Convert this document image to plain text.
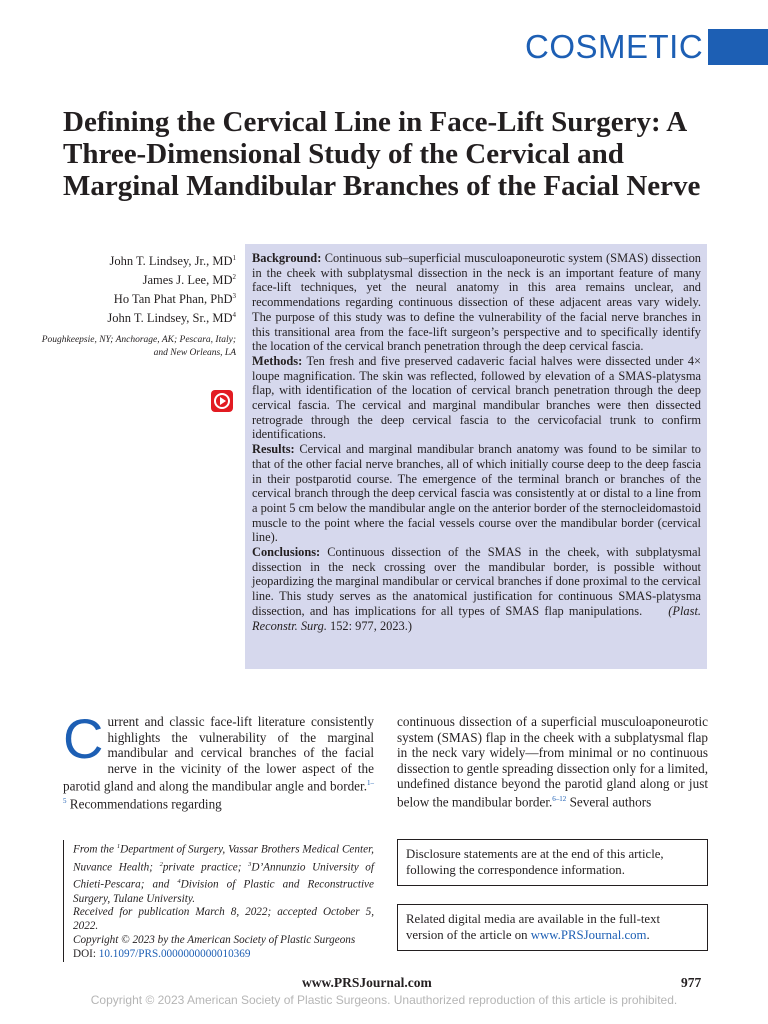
COSMETIC
Defining the Cervical Line in Face-Lift Surgery: A Three-Dimensional Study of the Cervical and Marginal Mandibular Branches of the Facial Nerve
John T. Lindsey, Jr., $MD^1$
James J. Lee, $MD^2$
Ho Tan Phat Phan, PhD$^3$
John T. Lindsey, Sr., $MD^4$
Poughkeepsie, NY; Anchorage, AK; Pescara, Italy; and New Orleans, LA
Background: Continuous sub–superficial musculoaponeurotic system (SMAS) dissection in the cheek with subplatysmal dissection in the neck is an important feature of many face-lift techniques, yet the neural anatomy in this area remains unclear, and recommendations regarding continuous dissection of these adjacent areas vary widely. The purpose of this study was to define the vulnerability of the facial nerve branches in this transitional area from the face-lift surgeon’s perspective and to specifically identify the location of the cervical branch penetration through the deep cervical fascia.
Methods: Ten fresh and five preserved cadaveric facial halves were dissected under 4× loupe magnification. The skin was reflected, followed by elevation of a SMAS-platysma flap, with identification of the location of cervical branch penetration through the deep cervical fascia. The cervical and marginal mandibular branches were then dissected retrograde through the deep cervical fascia to the cervicofacial trunk to confirm identifications.
Results: Cervical and marginal mandibular branch anatomy was found to be similar to that of the other facial nerve branches, all of which initially course deep to the deep fascia in their postparotid course. The emergence of the terminal branch or branches of the cervical branch through the deep cervical fascia was consistently at or distal to a line from a point 5 cm below the mandibular angle on the anterior border of the sternocleidomastoid muscle to the point where the facial vessels course over the mandibular border (cervical line).
Conclusions: Continuous dissection of the SMAS in the cheek, with subplatysmal dissection in the neck crossing over the mandibular border, is possible without jeopardizing the marginal mandibular or cervical branches if done proximal to the cervical line. This study serves as the anatomical justification for continuous SMAS-platysma dissection, and has implications for all types of SMAS flap manipulations. (Plast. Reconstr. Surg. 152: 977, 2023.)
Current and classic face-lift literature consistently highlights the vulnerability of the marginal mandibular and cervical branches of the facial nerve in the vicinity of the lower aspect of the parotid gland and along the mandibular angle and border.$^{1-5}$ Recommendations regarding
continuous dissection of a superficial musculoaponeurotic system (SMAS) flap in the cheek with a subplatysmal flap in the neck vary widely—from minimal or no continuous dissection to gentle spreading dissection only for a limited, undefined distance beyond the parotid gland along or just below the mandibular border.$^{6-12}$ Several authors
From the $^1$Department of Surgery, Vassar Brothers Medical Center, Nuvance Health; $^2$private practice; $^3$D’Annunzio University of Chieti-Pescara; and $^4$Division of Plastic and Reconstructive Surgery, Tulane University.
Received for publication March 8, 2022; accepted October 5, 2022.
Copyright © 2023 by the American Society of Plastic Surgeons
DOI: 10.1097/PRS.0000000000010369
Disclosure statements are at the end of this article, following the correspondence information.
Related digital media are available in the full-text version of the article on www.PRSJournal.com.
www.PRSJournal.com	977
Copyright © 2023 American Society of Plastic Surgeons. Unauthorized reproduction of this article is prohibited.
